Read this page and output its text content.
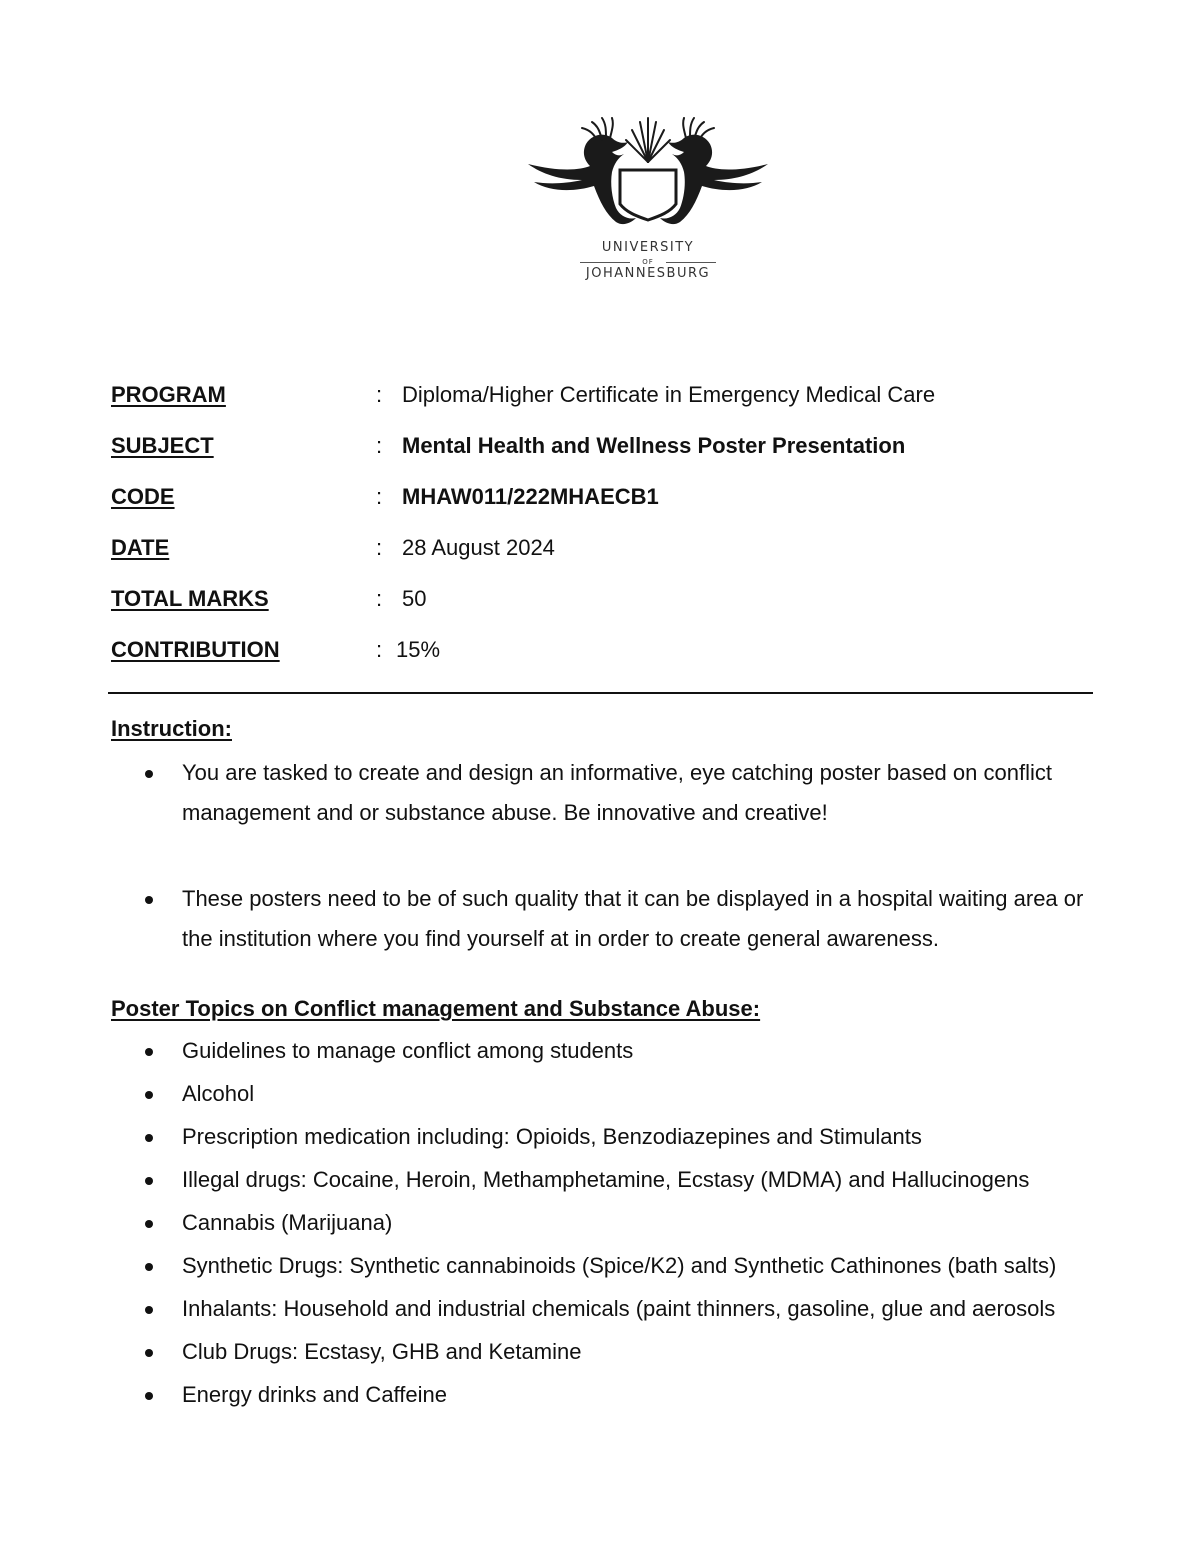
UNIVERSITY
OF
JOHANNESBURG
PROGRAM	: Diploma/Higher Certificate in Emergency Medical Care
SUBJECT	: Mental Health and Wellness Poster Presentation
CODE	: MHAW011/222MHAECB1
DATE	: 28 August 2024
TOTAL MARKS	: 50
CONTRIBUTION	: 15%
Instruction:
You are tasked to create and design an informative, eye catching poster based on conflict management and or substance abuse. Be innovative and creative!
These posters need to be of such quality that it can be displayed in a hospital waiting area or the institution where you find yourself at in order to create general awareness.
Poster Topics on Conflict management and Substance Abuse:
Guidelines to manage conflict among students
Alcohol
Prescription medication including: Opioids, Benzodiazepines and Stimulants
Illegal drugs: Cocaine, Heroin, Methamphetamine, Ecstasy (MDMA) and Hallucinogens
Cannabis (Marijuana)
Synthetic Drugs: Synthetic cannabinoids (Spice/K2) and Synthetic Cathinones (bath salts)
Inhalants: Household and industrial chemicals (paint thinners, gasoline, glue and aerosols
Club Drugs: Ecstasy, GHB and Ketamine
Energy drinks and Caffeine
